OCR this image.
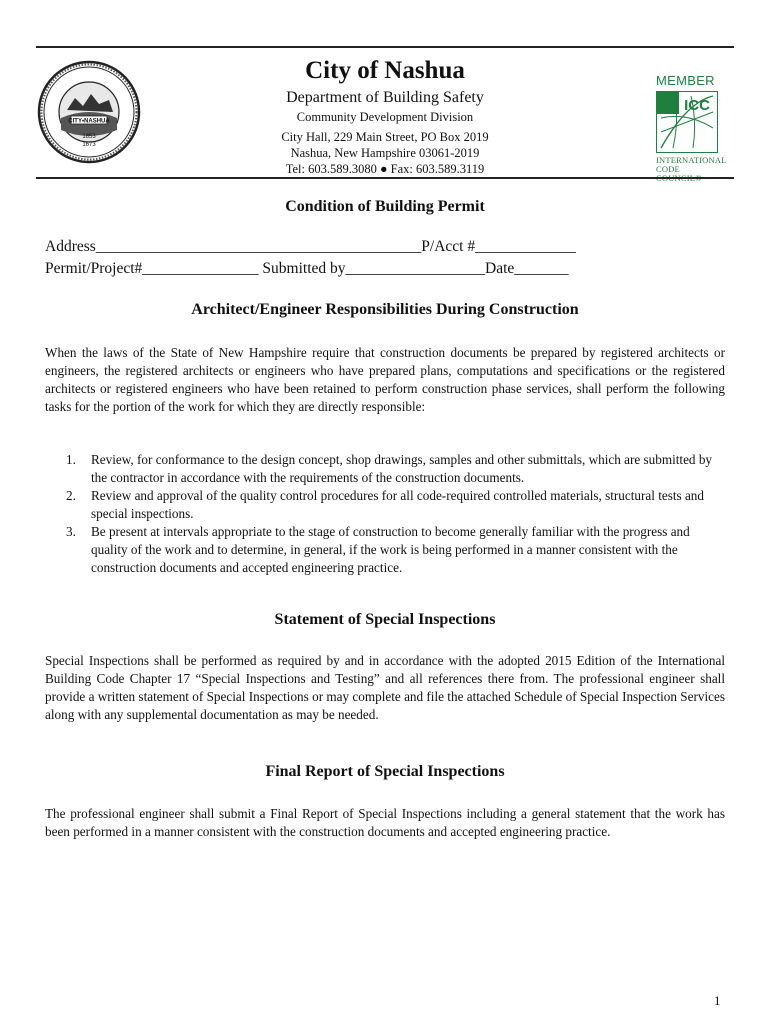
CITY•NASHUA
1853
1673
City of Nashua
Department of Building Safety
Community Development Division
City Hall, 229 Main Street, PO Box 2019
Nashua, New Hampshire 03061-2019
Tel: 603.589.3080 ● Fax: 603.589.3119
MEMBER
ICC
INTERNATIONAL
CODE COUNCIL®
Condition of Building Permit
Address__________________________________________P/Acct #_____________
Permit/Project#_______________ Submitted by__________________Date_______
Architect/Engineer Responsibilities During Construction
When the laws of the State of New Hampshire require that construction documents be prepared by registered architects or engineers, the registered architects or engineers who have prepared plans, computations and specifications or the registered architects or registered engineers who have been retained to perform construction phase services, shall perform the following tasks for the portion of the work for which they are directly responsible:
1. Review, for conformance to the design concept, shop drawings, samples and other submittals, which are submitted by the contractor in accordance with the requirements of the construction documents.
2. Review and approval of the quality control procedures for all code-required controlled materials, structural tests and special inspections.
3. Be present at intervals appropriate to the stage of construction to become generally familiar with the progress and quality of the work and to determine, in general, if the work is being performed in a manner consistent with the construction documents and accepted engineering practice.
Statement of Special Inspections
Special Inspections shall be performed as required by and in accordance with the adopted 2015 Edition of the International Building Code Chapter 17 “Special Inspections and Testing” and all references there from. The professional engineer shall provide a written statement of Special Inspections or may complete and file the attached Schedule of Special Inspection Services along with any supplemental documentation as may be needed.
Final Report of Special Inspections
The professional engineer shall submit a Final Report of Special Inspections including a general statement that the work has been performed in a manner consistent with the construction documents and accepted engineering practice.
1
